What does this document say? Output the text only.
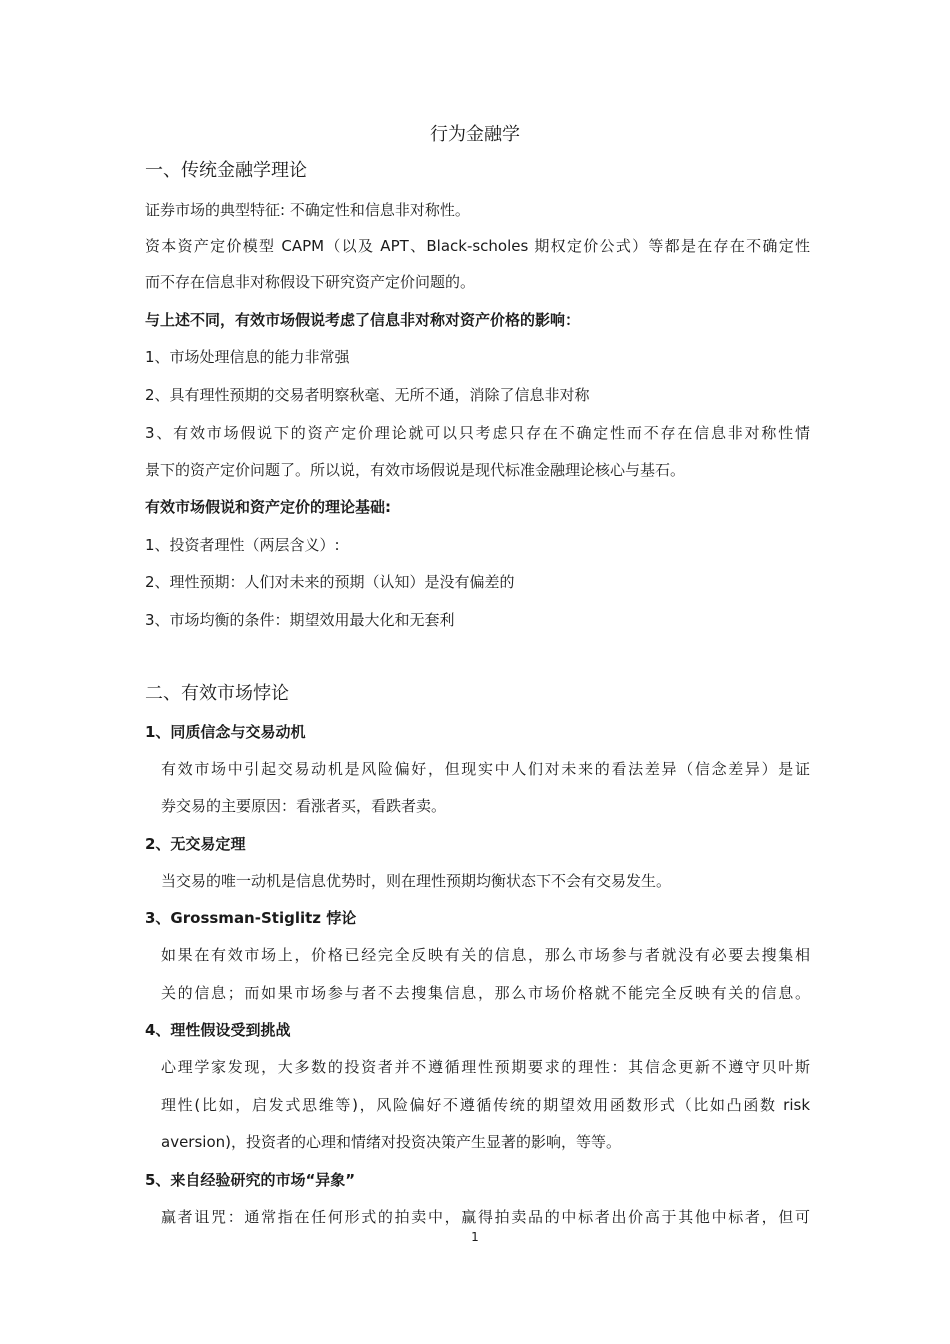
行为金融学
一、传统金融学理论
证券市场的典型特征: 不确定性和信息非对称性。
资本资产定价模型 CAPM（以及 APT、Black-scholes 期权定价公式）等都是在存在不确定性
而不存在信息非对称假设下研究资产定价问题的。
与上述不同，有效市场假说考虑了信息非对称对资产价格的影响：
1、市场处理信息的能力非常强
2、具有理性预期的交易者明察秋毫、无所不通，消除了信息非对称
3、有效市场假说下的资产定价理论就可以只考虑只存在不确定性而不存在信息非对称性情
景下的资产定价问题了。所以说，有效市场假说是现代标准金融理论核心与基石。
有效市场假说和资产定价的理论基础:
1、投资者理性（两层含义）:
2、理性预期：人们对未来的预期（认知）是没有偏差的
3、市场均衡的条件：期望效用最大化和无套利
二、有效市场悖论
1、同质信念与交易动机
有效市场中引起交易动机是风险偏好，但现实中人们对未来的看法差异（信念差异）是证
券交易的主要原因：看涨者买，看跌者卖。
2、无交易定理
当交易的唯一动机是信息优势时，则在理性预期均衡状态下不会有交易发生。
3、Grossman-Stiglitz 悖论
如果在有效市场上，价格已经完全反映有关的信息，那么市场参与者就没有必要去搜集相
关的信息；而如果市场参与者不去搜集信息，那么市场价格就不能完全反映有关的信息。
4、理性假设受到挑战
心理学家发现，大多数的投资者并不遵循理性预期要求的理性：其信念更新不遵守贝叶斯
理性(比如，启发式思维等)，风险偏好不遵循传统的期望效用函数形式（比如凸函数 risk
aversion)，投资者的心理和情绪对投资决策产生显著的影响，等等。
5、来自经验研究的市场“异象”
赢者诅咒：通常指在任何形式的拍卖中，赢得拍卖品的中标者出价高于其他中标者，但可
1
